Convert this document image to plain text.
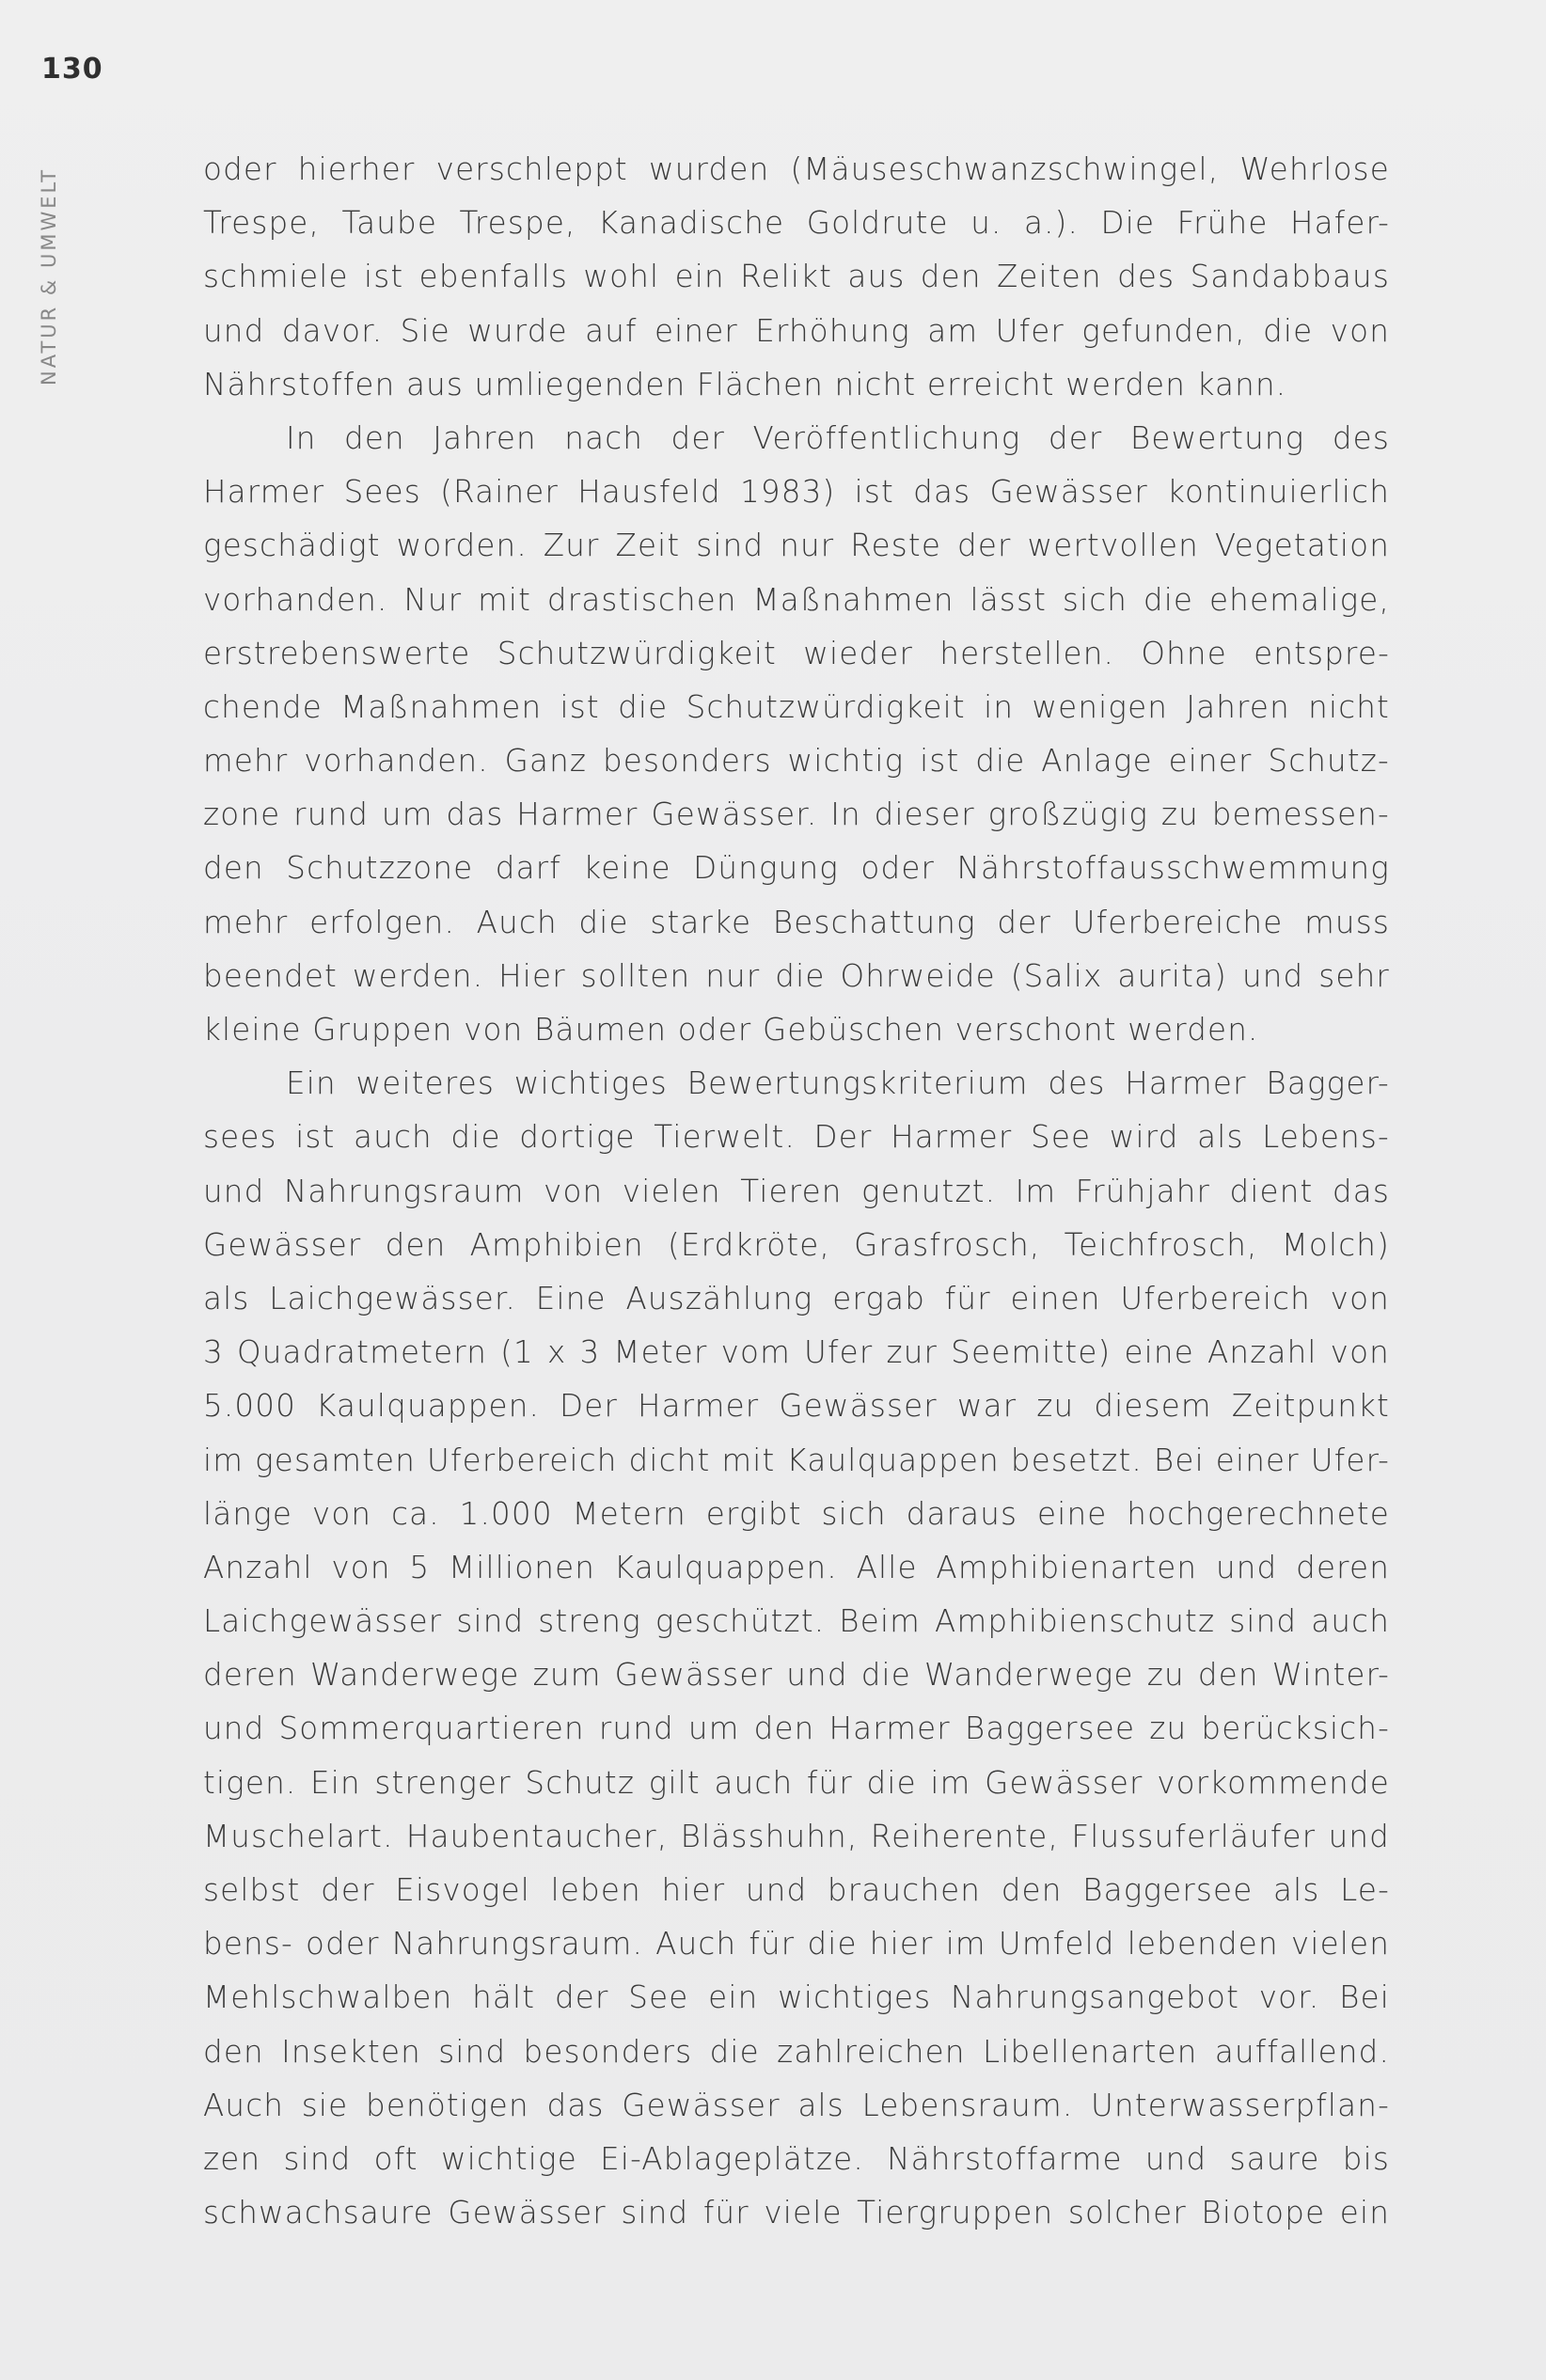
130
NATUR & UMWELT	oder hierher verschleppt wurden (Mäuseschwanzschwingel, Wehrlose
Trespe, Taube Trespe, Kanadische Goldrute u. a.). Die Frühe Hafer-
schmiele ist ebenfalls wohl ein Relikt aus den Zeiten des Sandabbaus
und davor. Sie wurde auf einer Erhöhung am Ufer gefunden, die von
Nährstoffen aus umliegenden Flächen nicht erreicht werden kann.

In den Jahren nach der Veröffentlichung der Bewertung des
Harmer Sees (Rainer Hausfeld 1983) ist das Gewässer kontinuierlich
geschädigt worden. Zur Zeit sind nur Reste der wertvollen Vegetation
vorhanden. Nur mit drastischen Maßnahmen lässt sich die ehemalige,
erstrebenswerte Schutzwürdigkeit wieder herstellen. Ohne entspre-
chende Maßnahmen ist die Schutzwürdigkeit in wenigen Jahren nicht
mehr vorhanden. Ganz besonders wichtig ist die Anlage einer Schutz-
zone rund um das Harmer Gewässer. In dieser großzügig zu bemessen-
den Schutzzone darf keine Düngung oder Nährstoffausschwemmung
mehr erfolgen. Auch die starke Beschattung der Uferbereiche muss
beendet werden. Hier sollten nur die Ohrweide (Salix aurita) und sehr
kleine Gruppen von Bäumen oder Gebüschen verschont werden.

Ein weiteres wichtiges Bewertungskriterium des Harmer Bagger-
sees ist auch die dortige Tierwelt. Der Harmer See wird als Lebens-
und Nahrungsraum von vielen Tieren genutzt. Im Frühjahr dient das
Gewässer den Amphibien (Erdkröte, Grasfrosch, Teichfrosch, Molch)
als Laichgewässer. Eine Auszählung ergab für einen Uferbereich von
3 Quadratmetern (1 x 3 Meter vom Ufer zur Seemitte) eine Anzahl von
5.000 Kaulquappen. Der Harmer Gewässer war zu diesem Zeitpunkt
im gesamten Uferbereich dicht mit Kaulquappen besetzt. Bei einer Ufer-
länge von ca. 1.000 Metern ergibt sich daraus eine hochgerechnete
Anzahl von 5 Millionen Kaulquappen. Alle Amphibienarten und deren
Laichgewässer sind streng geschützt. Beim Amphibienschutz sind auch
deren Wanderwege zum Gewässer und die Wanderwege zu den Winter-
und Sommerquartieren rund um den Harmer Baggersee zu berücksich-
tigen. Ein strenger Schutz gilt auch für die im Gewässer vorkommende
Muschelart. Haubentaucher, Blässhuhn, Reiherente, Flussuferläufer und
selbst der Eisvogel leben hier und brauchen den Baggersee als Le-
bens- oder Nahrungsraum. Auch für die hier im Umfeld lebenden vielen
Mehlschwalben hält der See ein wichtiges Nahrungsangebot vor. Bei
den Insekten sind besonders die zahlreichen Libellenarten auffallend.
Auch sie benötigen das Gewässer als Lebensraum. Unterwasserpflan-
zen sind oft wichtige Ei-Ablageplätze. Nährstoffarme und saure bis
schwachsaure Gewässer sind für viele Tiergruppen solcher Biotope ein
